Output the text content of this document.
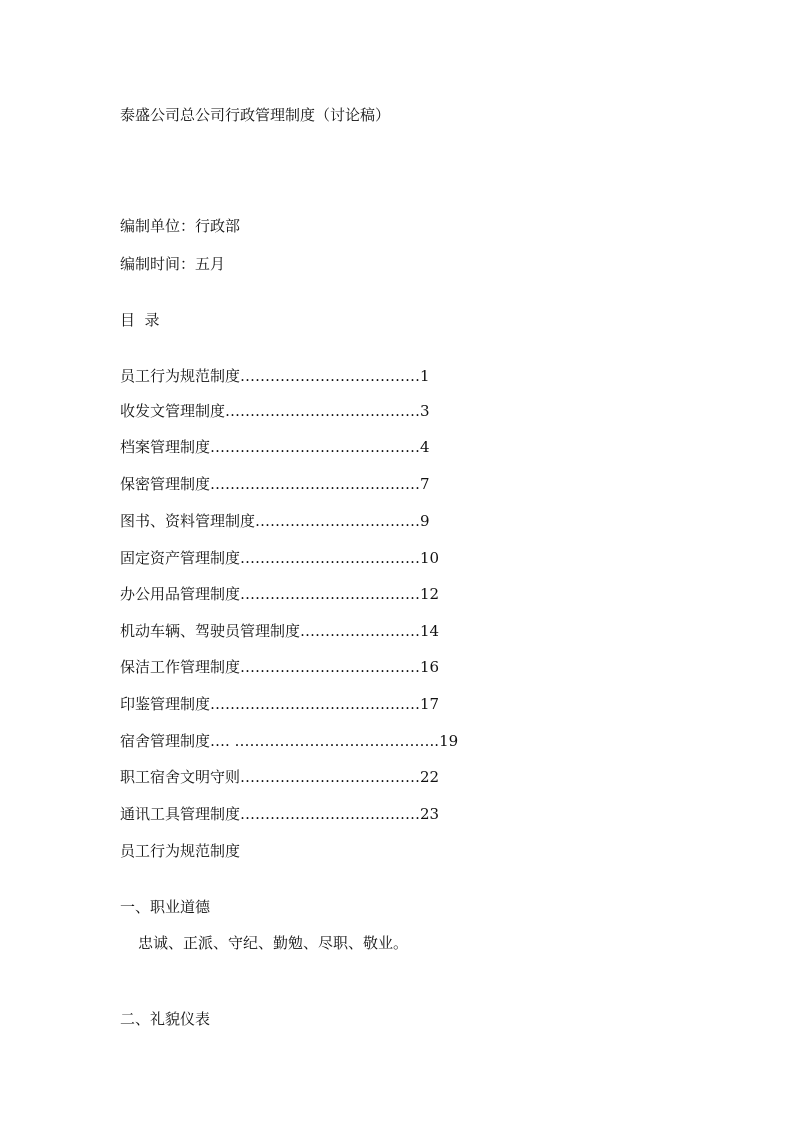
泰盛公司总公司行政管理制度（讨论稿）
编制单位：行政部
编制时间：五月
目  录
员工行为规范制度………………………………1
收发文管理制度…………………………………3
档案管理制度……………………………………4
保密管理制度……………………………………7
图书、资料管理制度……………………………9
固定资产管理制度………………………………10
办公用品管理制度………………………………12
机动车辆、驾驶员管理制度……………………14
保洁工作管理制度………………………………16
印鉴管理制度……………………………………17
宿舍管理制度…. …………………………………..19
职工宿舍文明守则………………………………22
通讯工具管理制度………………………………23
员工行为规范制度
一、职业道德
忠诚、正派、守纪、勤勉、尽职、敬业。
二、礼貌仪表
